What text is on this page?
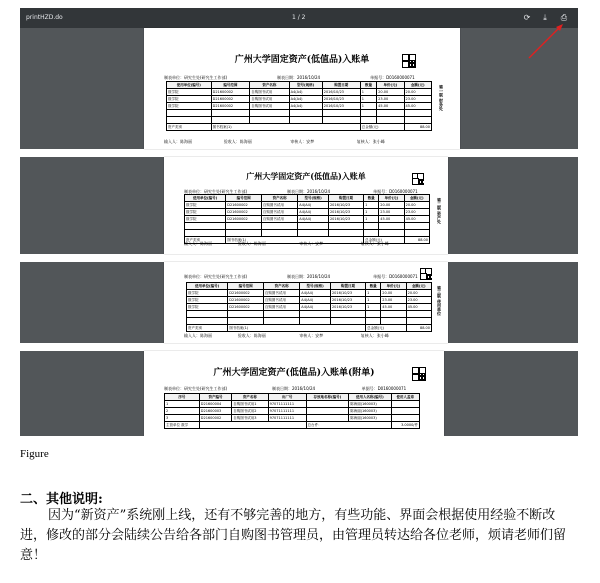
printHZD.do	1 / 2	⟳	⤓	⎙
广州大学固定资产(低值品)入账单
制表单位：研究生处(研究生工作部)	制表日期：2016/10/24	单据号：D0160000071
使用单位(编号)	编号范围	资产名称	型号(规格)	购置日期	数量	单价(元)	金额(元)
数学院	D21600002	自购图书试用	A4(A4)	2016/10/23	1	20.00	20.00
数学院	D21600002	自购图书试用	A4(A4)	2016/10/23	1	23.00	23.00
数学院	D21600002	自购图书试用	A4(A4)	2016/10/23	1	45.00	45.00

资产类别	图书档案(1)				总金额(元)		88.00
输入人：陈海丽	验收人：陈海丽	审核人：安梦	复核人：张小峰
第一联 财务处
广州大学固定资产(低值品)入账单
制表单位：研究生处(研究生工作部)	制表日期：2016/10/24	单据号：D0160000071
使用单位(编号)	编号范围	资产名称	型号(规格)	购置日期	数量	单价(元)	金额(元)
数学院	D21600002	自购图书试用	A4(A4)	2016/10/23	1	20.00	20.00
数学院	D21600002	自购图书试用	A4(A4)	2016/10/23	1	23.00	23.00
数学院	D21600002	自购图书试用	A4(A4)	2016/10/23	1	45.00	45.00

资产类别	图书档案(1)				总金额(元)		88.00
输入人：陈海丽	验收人：陈海丽	审核人：安梦	复核人：张小峰
第二联 资产处
制表单位：研究生处(研究生工作部)	制表日期：2016/10/24	单据号：D0160000071
使用单位(编号)	编号范围	资产名称	型号(规格)	购置日期	数量	单价(元)	金额(元)
数学院	D21600002	自购图书试用	A4(A4)	2016/10/23	1	20.00	20.00
数学院	D21600002	自购图书试用	A4(A4)	2016/10/23	1	23.00	23.00
数学院	D21600002	自购图书试用	A4(A4)	2016/10/23	1	45.00	45.00

资产类别	图书档案(1)				总金额(元)		88.00
输入人：陈海丽	验收人：陈海丽	审核人：安梦	复核人：张小峰
第三联 使用单位
广州大学固定资产(低值品)入账单(附单)
制表单位：研究生处(研究生工作部)	制表日期：2016/10/24	单据号：D0160000071
序号	资产编号	资产名称	出厂号	存放地名称(编号)	使用人名称(编号)	使用人盖章
1	D21600004	自购图书试用1	97071111111		陈海丽(160003)	
2	D21600003	自购图书试用2	97071111111		陈海丽(160003)	
3	D21600002	自购图书试用3	97071111111		陈海丽(160003)	
主管单位 数学				总台件：		3.0000/件
Figure
二、其他说明:
因为“新资产”系统刚上线，还有不够完善的地方，有些功能、界面会根据使用经验不断改进，修改的部分会陆续公告给各部门自购图书管理员，由管理员转达给各位老师，烦请老师们留意！
